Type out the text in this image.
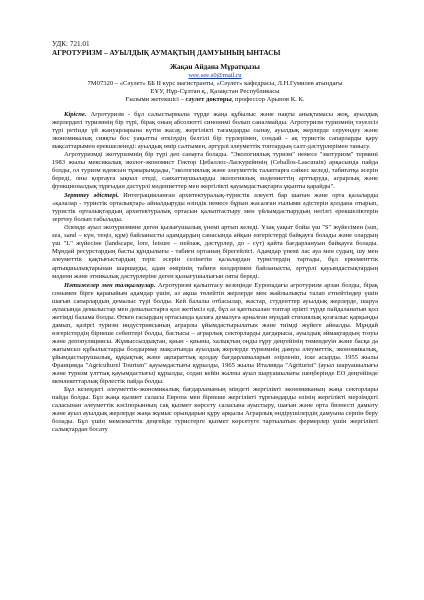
УДК: 721.01
АГРОТУРИЗМ – АУЫЛДЫҚ АУМАҚТЫҢ ДАМУЫНЫҢ ЫНТАСЫ
Жақан Айдана Мұратқызы
wee.see.s0@mail.ru
7М07320 – «Сәулет» ББ II курс магистранты, «Сәулет» кафедрасы, Л.Н.Гумилев атындағы
ЕҰУ, Нұр-Сұлтан қ., Қазақстан Республикасы
Ғылыми жетекшісі – сәулет докторы, профессор Арынов К. К.

Кіріспе. Агротуризм - бұл салыстырмалы түрде жаңа құбылыс және нақты анықтамасы жоқ, ауылдық жерлердегі туризмнің бір түрі, бірақ оның абсолютті синонимі болып саналмайды. Агротуризм туризмнің тәуелсіз түрі ретінде үй жануарларына күтім жасау, жергілікті тағамдарды сынау, ауылдық жерлерде серуендеу және экономикалық сияқты бос уақытты өткізудің белгілі бір түрлерімен, сондай - ақ туристік сапарларды қару мақсаттарымен ерекшеленеді: ауылдық өмір салтымен, әртүрлі әлеуметтік топтардың салт-дәстүрлерімен танысу.

Агротуризмді экотуризмнің бір түрі деп санауға болады. "Экологиялық туризм" немесе "экотуризм" термині 1983 жылы мексикалық эколог-экономист Гектор Цебаллос-Ласкурейннің (Ceballos-Lascurain) арқасында пайда болды, ол туризм идеясын тұжырымдады, "экологиялық және әлеуметтік талаптарға сәйкес келеді, табиғатқа әсерін береді, оны қорғауға ықпал етеді, саяхаттаушыларды экологиялық мәдениеттің арттыруда, аграрлық және функционалдық тұрғыдан дәстүрлі мәдениеттер мен жергілікті қауымдастықтарға ұқыпты қарайды".

Зерттеу әдістері. Интеграцияланған архитектуралық-туристік әлеуеті бар шағын және орта қалаларды «қалалар - туристік орталықтар» айналдыруды өзіндік немесе бұрын жасалған ғылыми әдістерін қолдана отырып, туристік орталықтардың архитектуралық ортасын қалыптастыру мен үйлымдастырудың негізгі ерекшеліктерін зерттеу болып табылады.

Әлемде ауыл экотуризмине деген қызығушылық үнемі артып келеді. Ұзақ уақыт бойы үш "S" жүйесімен (sun, sea, sand – күн, теңіз, құм) байланысты адамдардың санасында айқын өзгерістерді байқауға болады және олардың үш "L" жүйесіне (landscape, lore, leisure – пейзаж, дәстүрлер, до - сүт) қайта бағдарлануын байқауға болады. Мұндай ресурстардың басты құндылығы - табиғи ортаның бірегейлігі. Адамдар үнемі лас ауа мен судың, шу мен әлеуметтік қақтығыстардың теріс әсерін сезінетін қалалардан туристердің тартады, бұл еркементтік артықшылықтарынан шаршауды, адам өмірінің табиғи көлдерімен байланысты, әртүрлі қауымдастықтардың мәдени және этникалық дәстүрлеріне деген қызығушылығын ояты береді.

Нәтижелер мен талқылаулар. Агротуризм қалыптасу кезеңінде Еуропадағы агротуризм арзан болды, бірақ сонымен бірге қарапайым адамдар үшін, аз ақша төлейтін жерлерде мен жайлылықты талап етпейтіндер үшін шағын сапарлардың демалыс түрі болды. Кей балалы отбасылар, жастар, студенттер ауылдық жерлерде, шаруа ауласында демалыстар мен демалыстарға қол жетімсіз еді, бұл аз қаптыхалан топтар ерікті түрде пайдаланатын қол жетімді балама болды. Өткен ғасырдың ортасында қалаға демалуға арналған мүндай стихиялық қозғалыс қарқынды дамып, қазіргі туризм индустриясының аграрлы ұйымдастырылатын және тиімді жүйеге айналды. Мұндай өзгерістердің бірнеше себептері болды, бастысы – аграрлық секторларды дағдарысы, ауылдық әймақтардың тозуы және депопуляциясы. Жұмыссыздықтан, қиын - қиыны, халықтың оңды ғұру деңгейінің төмендеуін және басқа да жағымсыз құбылыстарды болдырмау мақсатында ауылдық жерлерде туризмнің дамуы әлеуметтік, экономикалық, ұйымдастырушылық, құқықтық және ақпараттық қолдау бағдарламаларын әзірленіп, іске асырды. 1955 жылы Францияда "Agriculturel Tourism" қауымдастығы құрылды, 1965 жылы Италияда "Agriturist" (ауыл шаруашылығы және туризм үлттық қауымдастығы) құрылды, содан кейін жалпы ауыл шаруашылығы шеңберінде ЕО деңгейінде мемлекеттарлық бірлестік пайда болды.

Бұл кезеңдегі әлеуметтік-экономикалық бағдарламаның міндеті жергілікті экономиканың жаңа секторлары пайда болды. Бұл жаңа қызмет саласы Европа мен бірнеше жергілікті тұрғындарды өзінің жергілікті мерзімдегі саласынан әлеуметтік кәсіпорынның сақ қызмет көрсету саласына ауыстыру, шағын және орта бизнесті дамыту және ауыл ауылдық жерлерде жаңа жұмыс орындарын құру арқылы Аграрлық өндірушілердің дамуына серпін беру болады. Бұл үшін мемлекеттік деңгейде туристерге қызмет көрсетуге тартылатын фермерлер үшін жергілікті салықтардан босату
